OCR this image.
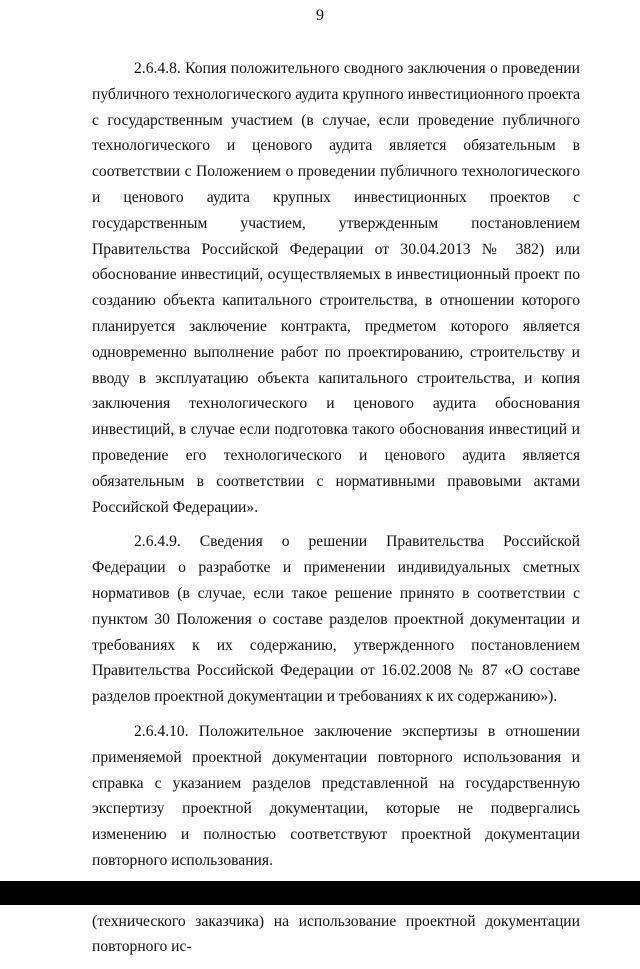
9

2.6.4.8. Копия положительного сводного заключения о проведении публичного технологического аудита крупного инвестиционного проекта с государственным участием (в случае, если проведение публичного технологического и ценового аудита является обязательным в соответствии с Положением о проведении публичного технологического и ценового аудита крупных инвестиционных проектов с государственным участием, утвержденным постановлением Правительства Российской Федерации от 30.04.2013 № 382) или обоснование инвестиций, осуществляемых в инвестиционный проект по созданию объекта капитального строительства, в отношении которого планируется заключение контракта, предметом которого является одновременно выполнение работ по проектированию, строительству и вводу в эксплуатацию объекта капитального строительства, и копия заключения технологического и ценового аудита обоснования инвестиций, в случае если подготовка такого обоснования инвестиций и проведение его технологического и ценового аудита является обязательным в соответствии с нормативными правовыми актами Российской Федерации».

2.6.4.9. Сведения о решении Правительства Российской Федерации о разработке и применении индивидуальных сметных нормативов (в случае, если такое решение принято в соответствии с пунктом 30 Положения о составе разделов проектной документации и требованиях к их содержанию, утвержденного постановлением Правительства Российской Федерации от 16.02.2008 № 87 «О составе разделов проектной документации и требованиях к их содержанию»).

2.6.4.10. Положительное заключение экспертизы в отношении применяемой проектной документации повторного использования и справка с указанием разделов представленной на государственную экспертизу проектной документации, которые не подвергались изменению и полностью соответствуют проектной документации повторного использования.

(технического заказчика) на использование проектной документации повторного ис-
